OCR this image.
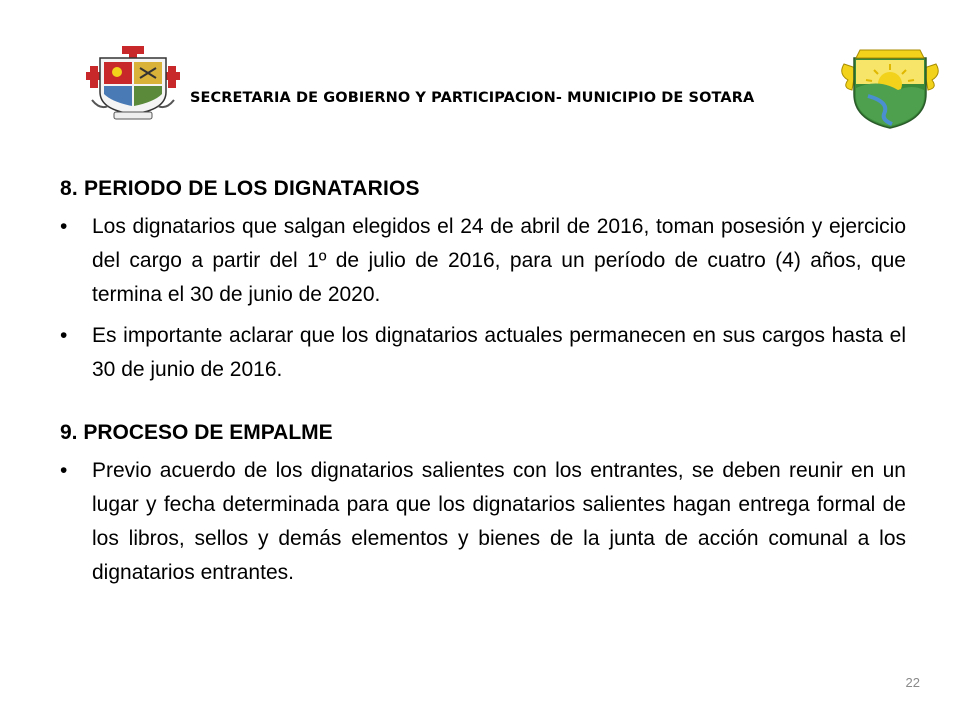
SECRETARIA DE GOBIERNO Y PARTICIPACION- MUNICIPIO DE SOTARA
8. PERIODO DE LOS DIGNATARIOS
• Los dignatarios que salgan elegidos el 24 de abril de 2016, toman posesión y ejercicio del cargo a partir del 1º de julio de 2016, para un período de cuatro (4) años, que termina el 30 de junio de 2020.
• Es importante aclarar que los dignatarios actuales permanecen en sus cargos hasta el 30 de junio de 2016.
9. PROCESO DE EMPALME
• Previo acuerdo de los dignatarios salientes con los entrantes, se deben reunir en un lugar y fecha determinada para que los dignatarios salientes hagan entrega formal de los libros, sellos y demás elementos y bienes de la junta de acción comunal a los dignatarios entrantes.
22
